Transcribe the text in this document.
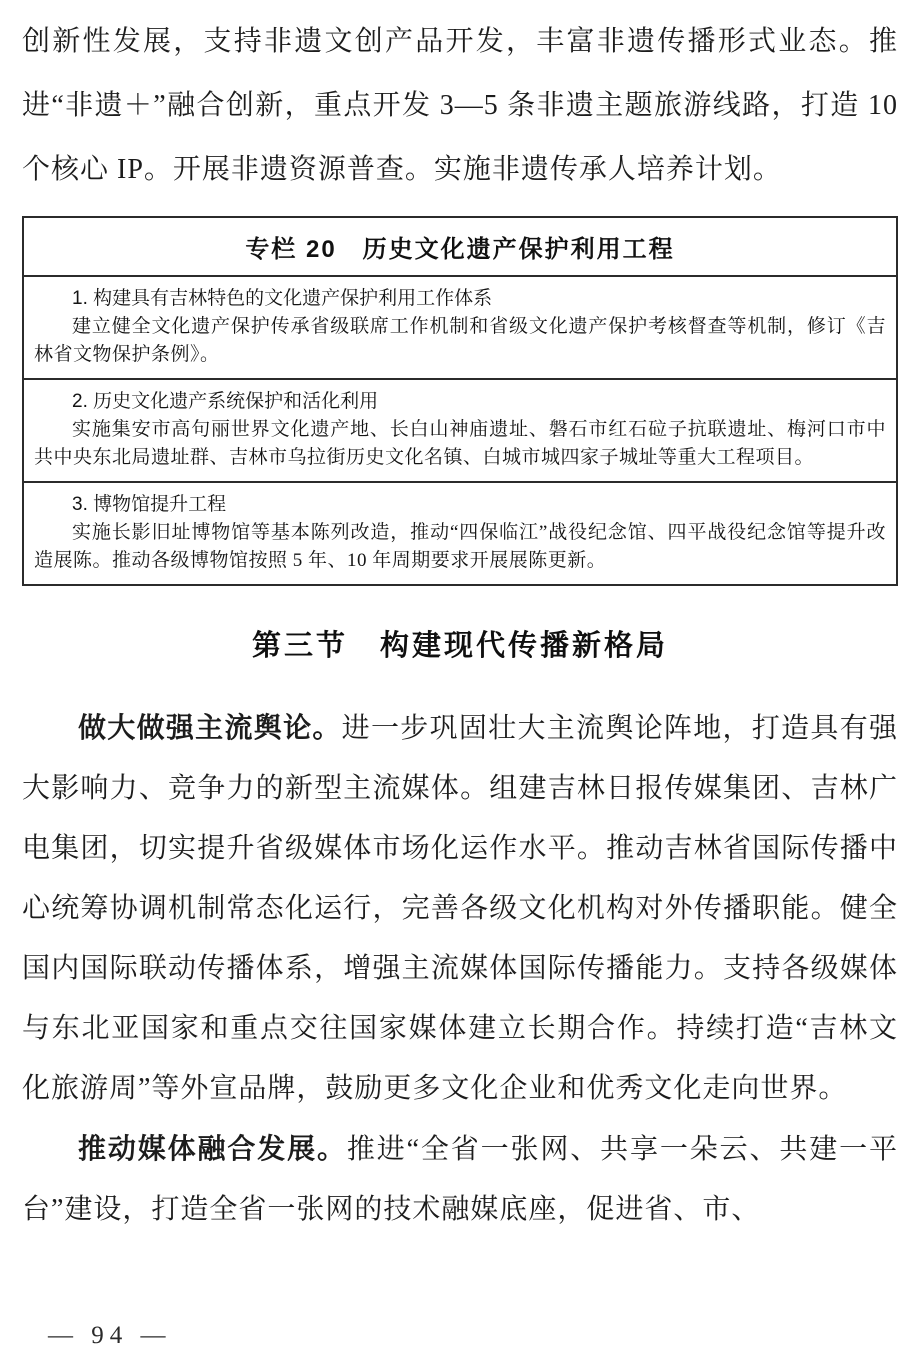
创新性发展，支持非遗文创产品开发，丰富非遗传播形式业态。推进“非遗＋”融合创新，重点开发 3—5 条非遗主题旅游线路，打造 10 个核心 IP。开展非遗资源普查。实施非遗传承人培养计划。

专栏 20　历史文化遗产保护利用工程

1. 构建具有吉林特色的文化遗产保护利用工作体系

建立健全文化遗产保护传承省级联席工作机制和省级文化遗产保护考核督查等机制，修订《吉林省文物保护条例》。

2. 历史文化遗产系统保护和活化利用

实施集安市高句丽世界文化遗产地、长白山神庙遗址、磐石市红石砬子抗联遗址、梅河口市中共中央东北局遗址群、吉林市乌拉街历史文化名镇、白城市城四家子城址等重大工程项目。

3. 博物馆提升工程

实施长影旧址博物馆等基本陈列改造，推动“四保临江”战役纪念馆、四平战役纪念馆等提升改造展陈。推动各级博物馆按照 5 年、10 年周期要求开展展陈更新。

第三节　构建现代传播新格局

做大做强主流舆论。进一步巩固壮大主流舆论阵地，打造具有强大影响力、竞争力的新型主流媒体。组建吉林日报传媒集团、吉林广电集团，切实提升省级媒体市场化运作水平。推动吉林省国际传播中心统筹协调机制常态化运行，完善各级文化机构对外传播职能。健全国内国际联动传播体系，增强主流媒体国际传播能力。支持各级媒体与东北亚国家和重点交往国家媒体建立长期合作。持续打造“吉林文化旅游周”等外宣品牌，鼓励更多文化企业和优秀文化走向世界。

推动媒体融合发展。推进“全省一张网、共享一朵云、共建一平台”建设，打造全省一张网的技术融媒底座，促进省、市、

— 94 —
